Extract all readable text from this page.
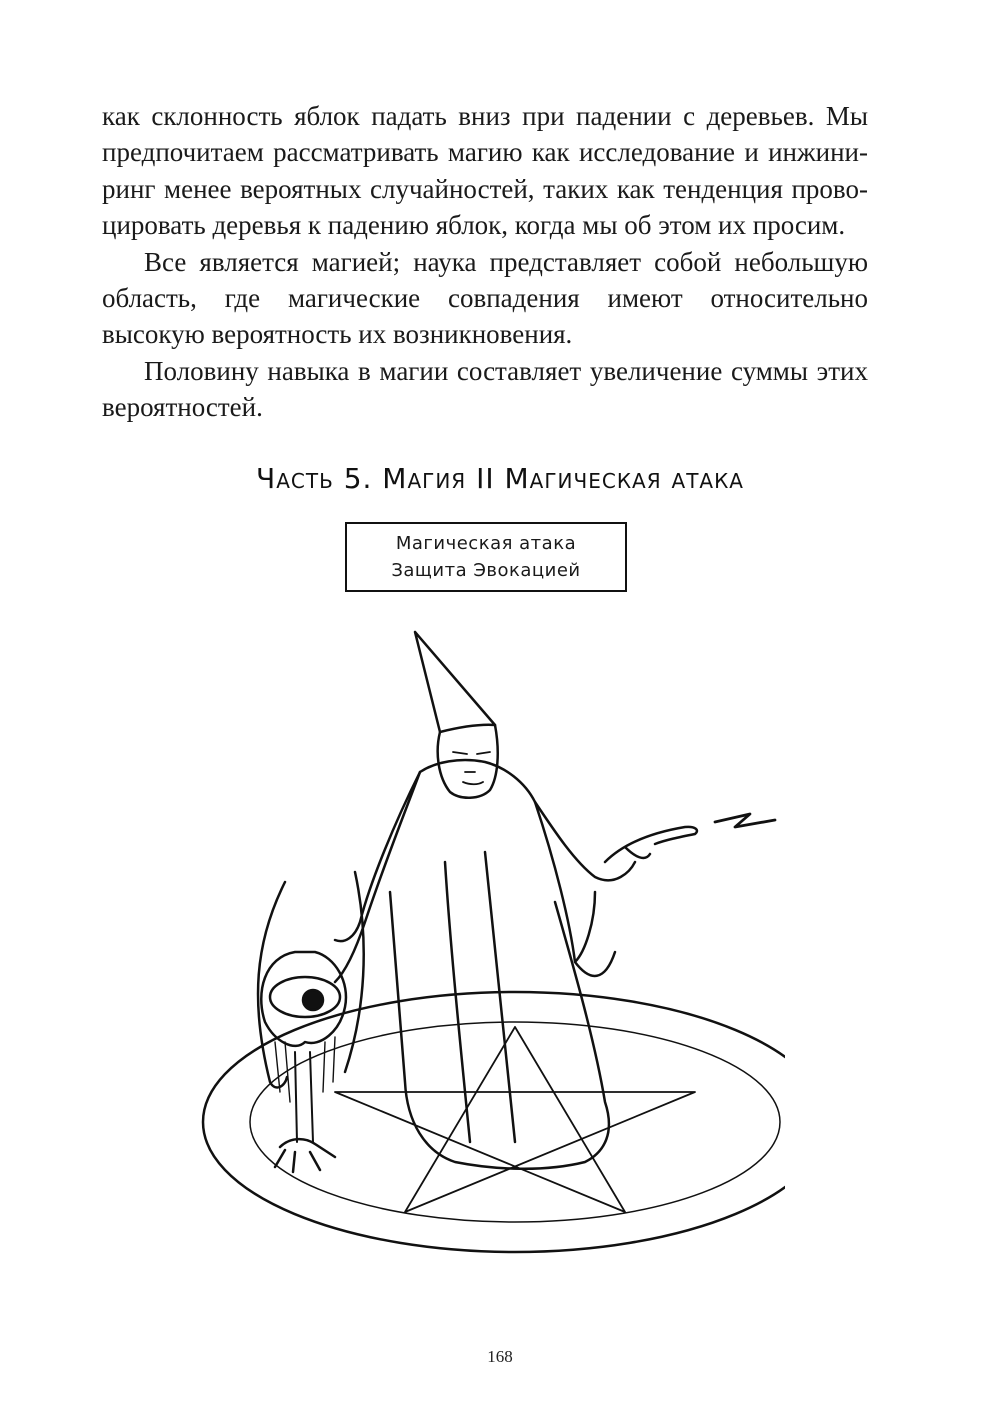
как склонность яблок падать вниз при падении с деревьев. Мы предпочитаем рассматривать магию как исследование и инжиниринг менее вероятных случайностей, таких как тенденция провоцировать деревья к падению яблок, когда мы об этом их просим.

Все является магией; наука представляет собой небольшую область, где магические совпадения имеют относительно высокую вероятность их возникновения.

Половину навыка в магии составляет увеличение суммы этих вероятностей.

Часть 5. Магия II Магическая атака
Магическая атака
Защита Эвокацией
168
